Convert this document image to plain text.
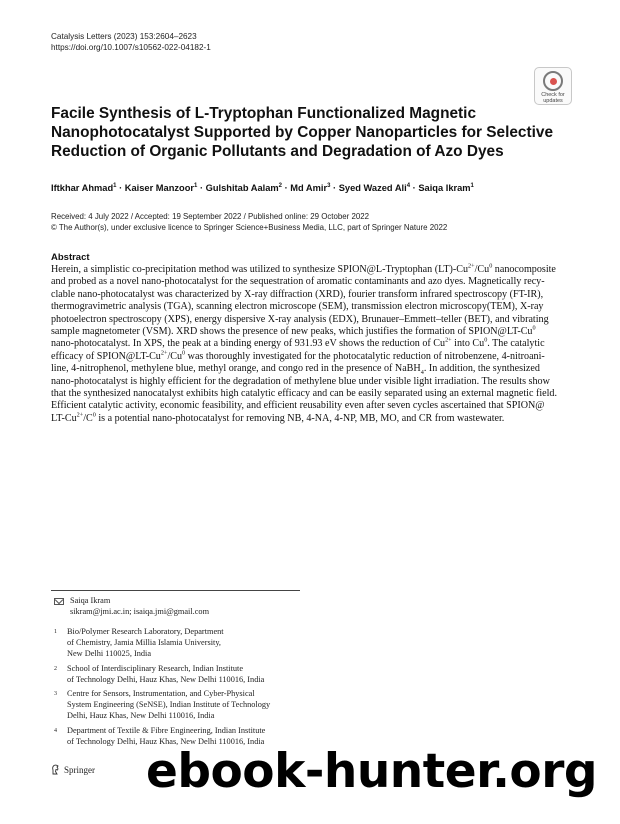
Catalysis Letters (2023) 153:2604–2623
https://doi.org/10.1007/s10562-022-04182-1
Check for
updates
Facile Synthesis of L-Tryptophan Functionalized Magnetic
Nanophotocatalyst Supported by Copper Nanoparticles for Selective
Reduction of Organic Pollutants and Degradation of Azo Dyes
Iftkhar Ahmad$^1$ · Kaiser Manzoor$^1$ · Gulshitab Aalam$^2$ · Md Amir$^3$ · Syed Wazed Ali$^4$ · Saiqa Ikram$^1$
Received: 4 July 2022 / Accepted: 19 September 2022 / Published online: 29 October 2022
© The Author(s), under exclusive licence to Springer Science+Business Media, LLC, part of Springer Nature 2022
Abstract
Herein, a simplistic co-precipitation method was utilized to synthesize SPION@L-Tryptophan $(LT)-Cu^{2+}/Cu^0$ nanocomposite
and probed as a novel nano-photocatalyst for the sequestration of aromatic contaminants and azo dyes. Magnetically recy-
clable nano-photocatalyst was characterized by X-ray diffraction (XRD), fourier transform infrared spectroscopy (FT-IR),
thermogravimetric analysis (TGA), scanning electron microscope (SEM), transmission electron microscopy(TEM), X-ray
photoelectron spectroscopy (XPS), energy dispersive X-ray analysis (EDX), Brunauer–Emmett–teller (BET), and vibrating
sample magnetometer (VSM). XRD shows the presence of new peaks, which justifies the formation of SPION@LT-Cu$^0$
nano-photocatalyst. In XPS, the peak at a binding energy of 931.93 eV shows the reduction of $Cu^{2+}$ into Cu$^0$. The catalytic
efficacy of $SPION@LT-Cu^{2+}/Cu^0$ was thoroughly investigated for the photocatalytic reduction of nitrobenzene, 4-nitroani-
line, 4-nitrophenol, methylene blue, methyl orange, and congo red in the presence of NaBH$_4$. In addition, the synthesized
nano-photocatalyst is highly efficient for the degradation of methylene blue under visible light irradiation. The results show
that the synthesized nanocatalyst exhibits high catalytic efficacy and can be easily separated using an external magnetic field.
Efficient catalytic activity, economic feasibility, and efficient reusability even after seven cycles ascertained that SPION@
$LT-Cu^{2+}/C^0$ is a potential nano-photocatalyst for removing NB, 4-NA, 4-NP, MB, MO, and CR from wastewater.
Saiqa Ikram
sikram@jmi.ac.in; isaiqa.jmi@gmail.com
1 Bio/Polymer Research Laboratory, Department
of Chemistry, Jamia Millia Islamia University,
New Delhi 110025, India
2 School of Interdisciplinary Research, Indian Institute
of Technology Delhi, Hauz Khas, New Delhi 110016, India
3 Centre for Sensors, Instrumentation, and Cyber-Physical
System Engineering (SeNSE), Indian Institute of Technology
Delhi, Hauz Khas, New Delhi 110016, India
4 Department of Textile & Fibre Engineering, Indian Institute
of Technology Delhi, Hauz Khas, New Delhi 110016, India
Springer ebook-hunter.org
